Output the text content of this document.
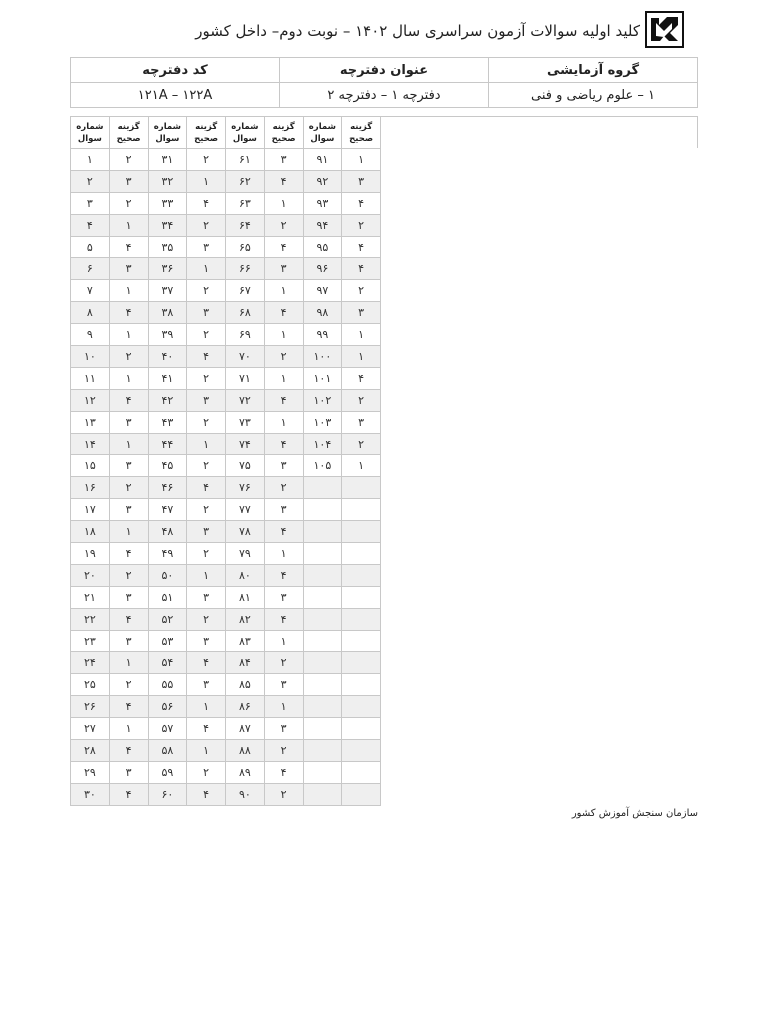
کلید اولیه سوالات آزمون سراسری سال ۱۴۰۲ – نوبت دوم– داخل کشور
گروه آزمایشی	عنوان دفترچه	کد دفترچه
۱ – علوم ریاضی و فنی	دفترچه ۱ – دفترچه ۲	۱۲۱A – ۱۲۲A
گزینه صحیح	شماره سوال	گزینه صحیح	شماره سوال	گزینه صحیح	شماره سوال	گزینه صحیح	شماره سوال
۱	۹۱	۳	۶۱	۲	۳۱	۲	۱
۳	۹۲	۴	۶۲	۱	۳۲	۳	۲
۴	۹۳	۱	۶۳	۴	۳۳	۲	۳
۲	۹۴	۲	۶۴	۲	۳۴	۱	۴
۴	۹۵	۴	۶۵	۳	۳۵	۴	۵
۴	۹۶	۳	۶۶	۱	۳۶	۳	۶
۲	۹۷	۱	۶۷	۲	۳۷	۱	۷
۳	۹۸	۴	۶۸	۳	۳۸	۴	۸
۱	۹۹	۱	۶۹	۲	۳۹	۱	۹
۱	۱۰۰	۲	۷۰	۴	۴۰	۲	۱۰
۴	۱۰۱	۱	۷۱	۲	۴۱	۱	۱۱
۲	۱۰۲	۴	۷۲	۳	۴۲	۴	۱۲
۳	۱۰۳	۱	۷۳	۲	۴۳	۳	۱۳
۲	۱۰۴	۴	۷۴	۱	۴۴	۱	۱۴
۱	۱۰۵	۳	۷۵	۲	۴۵	۳	۱۵
		۲	۷۶	۴	۴۶	۲	۱۶
		۳	۷۷	۲	۴۷	۳	۱۷
		۴	۷۸	۳	۴۸	۱	۱۸
		۱	۷۹	۲	۴۹	۴	۱۹
		۴	۸۰	۱	۵۰	۲	۲۰
		۳	۸۱	۳	۵۱	۳	۲۱
		۴	۸۲	۲	۵۲	۴	۲۲
		۱	۸۳	۳	۵۳	۳	۲۳
		۲	۸۴	۴	۵۴	۱	۲۴
		۳	۸۵	۳	۵۵	۲	۲۵
		۱	۸۶	۱	۵۶	۴	۲۶
		۳	۸۷	۴	۵۷	۱	۲۷
		۲	۸۸	۱	۵۸	۴	۲۸
		۴	۸۹	۲	۵۹	۳	۲۹
		۲	۹۰	۴	۶۰	۴	۳۰
سازمان سنجش آموزش کشور
